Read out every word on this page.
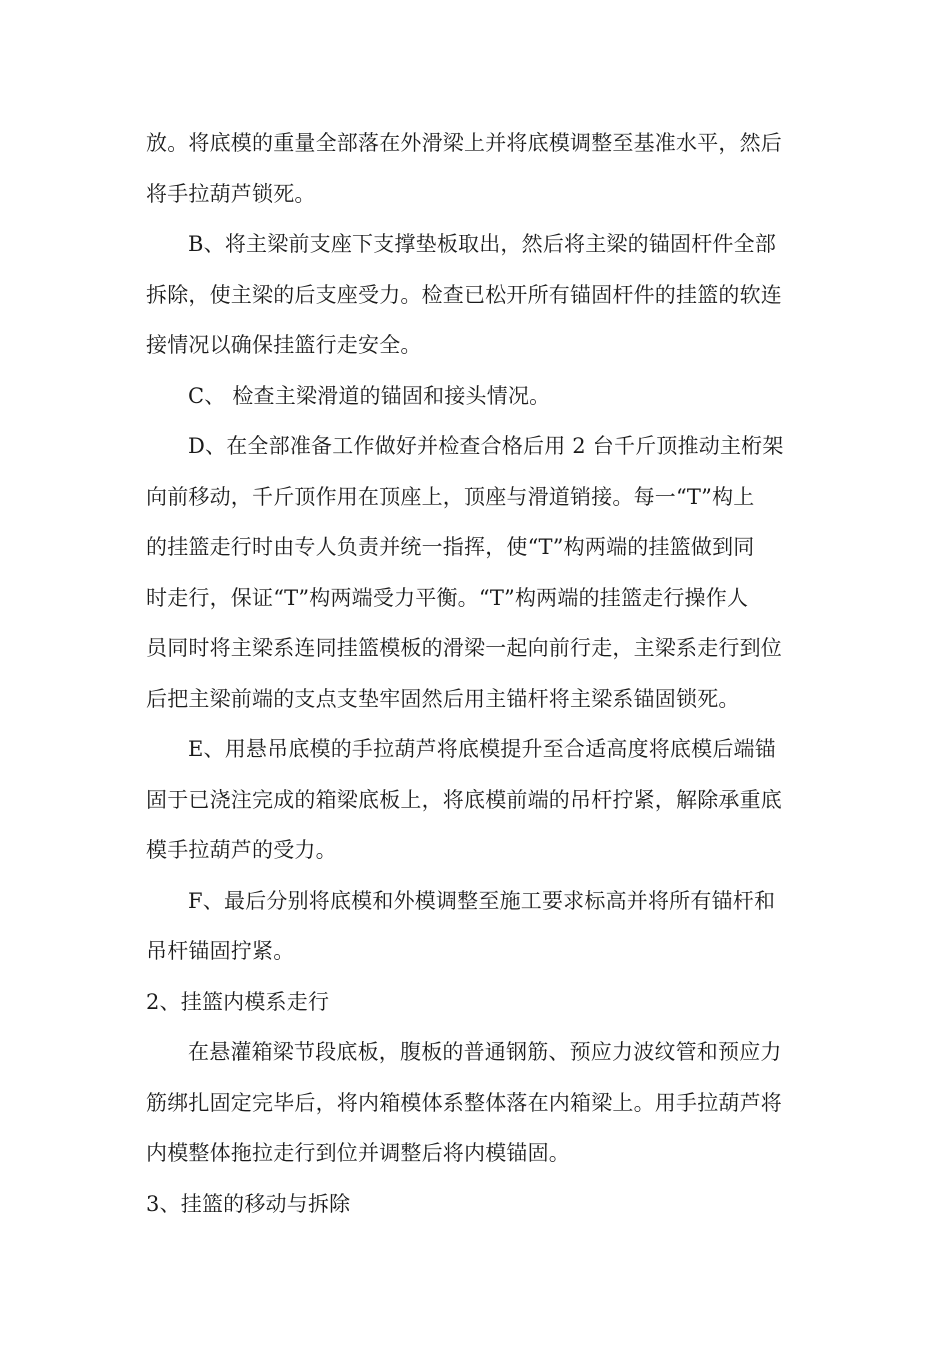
放。将底模的重量全部落在外滑梁上并将底模调整至基准水平，然后
将手拉葫芦锁死。
B、将主梁前支座下支撑垫板取出，然后将主梁的锚固杆件全部
拆除，使主梁的后支座受力。检查已松开所有锚固杆件的挂篮的软连
接情况以确保挂篮行走安全。
C、 检查主梁滑道的锚固和接头情况。
D、在全部准备工作做好并检查合格后用 2 台千斤顶推动主桁架
向前移动，千斤顶作用在顶座上，顶座与滑道销接。每一“T”构上
的挂篮走行时由专人负责并统一指挥，使“T”构两端的挂篮做到同
时走行，保证“T”构两端受力平衡。“T”构两端的挂篮走行操作人
员同时将主梁系连同挂篮模板的滑梁一起向前行走，主梁系走行到位
后把主梁前端的支点支垫牢固然后用主锚杆将主梁系锚固锁死。
E、用悬吊底模的手拉葫芦将底模提升至合适高度将底模后端锚
固于已浇注完成的箱梁底板上，将底模前端的吊杆拧紧，解除承重底
模手拉葫芦的受力。
F、最后分别将底模和外模调整至施工要求标高并将所有锚杆和
吊杆锚固拧紧。
2、挂篮内模系走行
在悬灌箱梁节段底板，腹板的普通钢筋、预应力波纹管和预应力
筋绑扎固定完毕后，将内箱模体系整体落在内箱梁上。用手拉葫芦将
内模整体拖拉走行到位并调整后将内模锚固。
3、挂篮的移动与拆除
